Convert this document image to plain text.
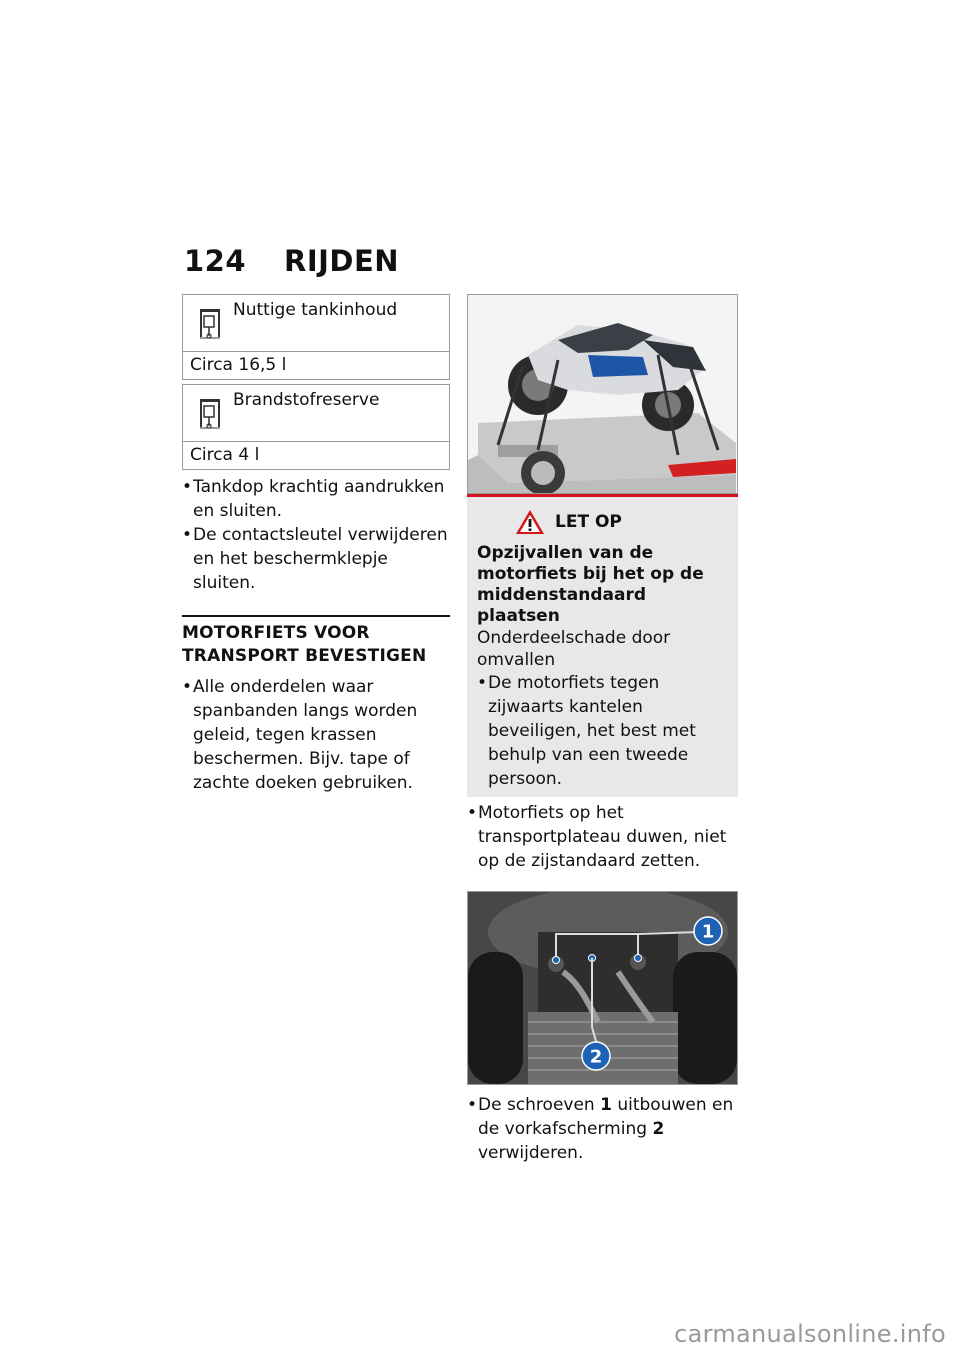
124 RIJDEN
Nuttige tankinhoud
Circa 16,5 l
Brandstofreserve
Circa 4 l
• Tankdop krachtig aandrukken en sluiten.
• De contactsleutel verwijderen en het beschermklepje sluiten.
MOTORFIETS VOOR TRANSPORT BEVESTIGEN
• Alle onderdelen waar spanbanden langs worden geleid, tegen krassen beschermen. Bijv. tape of zachte doeken gebruiken.
LET OP
Opzijvallen van de motorfiets bij het op de middenstandaard plaatsen
Onderdeelschade door omvallen
• De motorfiets tegen zijwaarts kantelen beveiligen, het best met behulp van een tweede persoon.
• Motorfiets op het transportplateau duwen, niet op de zijstandaard zetten.
1
2
• De schroeven 1 uitbouwen en de vorkafscherming 2 verwijderen.
carmanualsonline.info
